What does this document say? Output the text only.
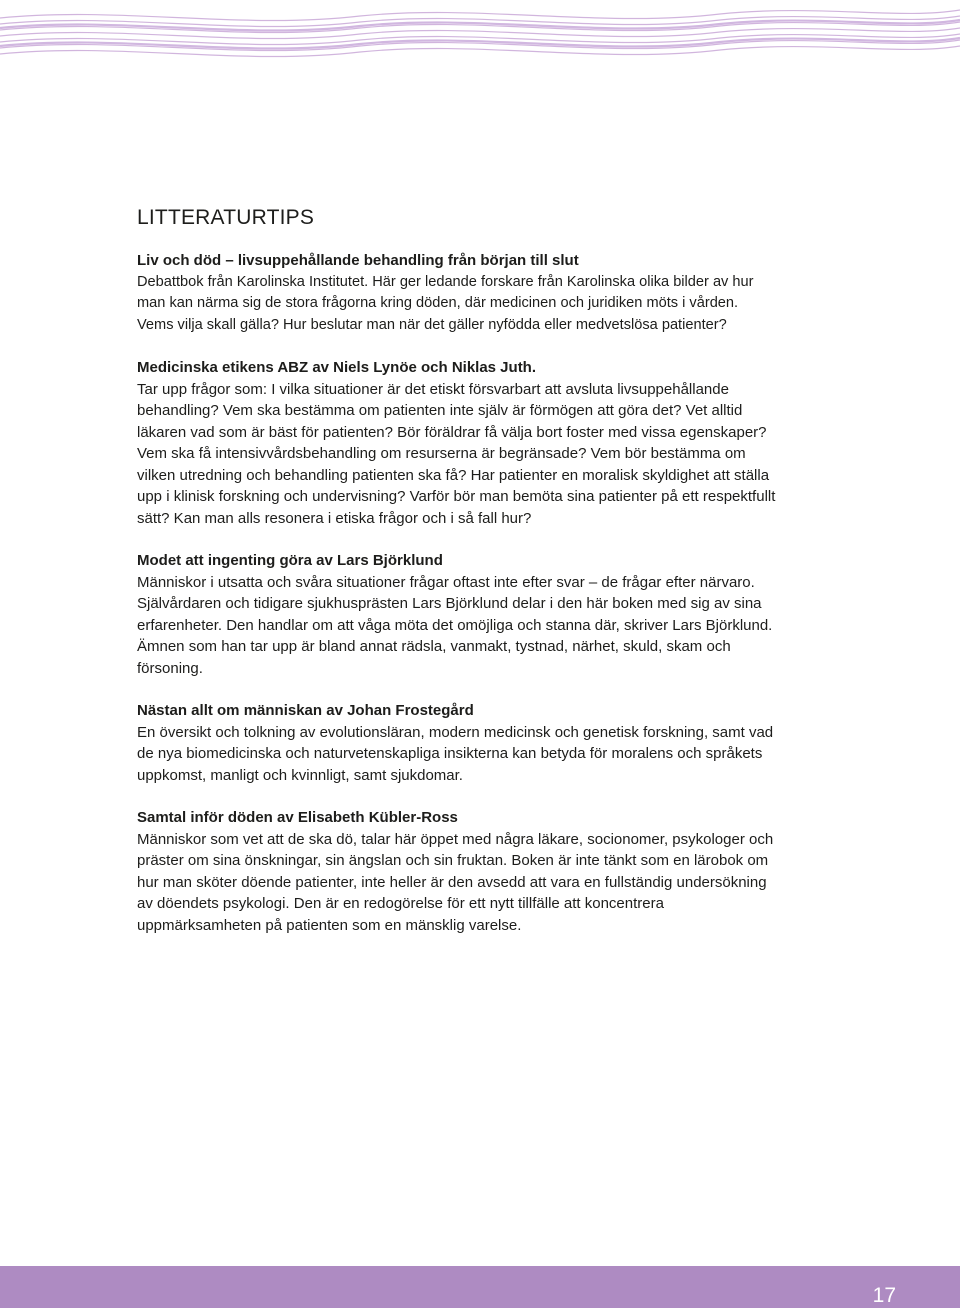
LITTERATURTIPS
Liv och död – livsuppehållande behandling från början till slut
Debattbok från Karolinska Institutet. Här ger ledande forskare från Karolinska olika bilder av hur man kan närma sig de stora frågorna kring döden, där medicinen och juridiken möts i vården. Vems vilja skall gälla? Hur beslutar man när det gäller nyfödda eller medvetslösa patienter?
Medicinska etikens ABZ av Niels Lynöe och Niklas Juth.
Tar upp frågor som: I vilka situationer är det etiskt försvarbart att avsluta livsuppehållande behandling? Vem ska bestämma om patienten inte själv är förmögen att göra det? Vet alltid läkaren vad som är bäst för patienten? Bör föräldrar få välja bort foster med vissa egenskaper? Vem ska få intensivvårdsbehandling om resurserna är begränsade? Vem bör bestämma om vilken utredning och behandling patienten ska få? Har patienter en moralisk skyldighet att ställa upp i klinisk forskning och undervisning? Varför bör man bemöta sina patienter på ett respektfullt sätt? Kan man alls resonera i etiska frågor och i så fall hur?
Modet att ingenting göra av Lars Björklund
Människor i utsatta och svåra situationer frågar oftast inte efter svar – de frågar efter närvaro. Självårdaren och tidigare sjukhusprästen Lars Björklund delar i den här boken med sig av sina erfarenheter. Den handlar om att våga möta det omöjliga och stanna där, skriver Lars Björklund. Ämnen som han tar upp är bland annat rädsla, vanmakt, tystnad, närhet, skuld, skam och försoning.
Nästan allt om människan av Johan Frostegård
En översikt och tolkning av evolutionsläran, modern medicinsk och genetisk forskning, samt vad de nya biomedicinska och naturvetenskapliga insikterna kan betyda för moralens och språkets uppkomst, manligt och kvinnligt, samt sjukdomar.
Samtal inför döden av Elisabeth Kübler-Ross
Människor som vet att de ska dö, talar här öppet med några läkare, socionomer, psykologer och präster om sina önskningar, sin ängslan och sin fruktan. Boken är inte tänkt som en lärobok om hur man sköter döende patienter, inte heller är den avsedd att vara en fullständig undersökning av döendets psykologi. Den är en redogörelse för ett nytt tillfälle att koncentrera uppmärksamheten på patienten som en mänsklig varelse.
17
